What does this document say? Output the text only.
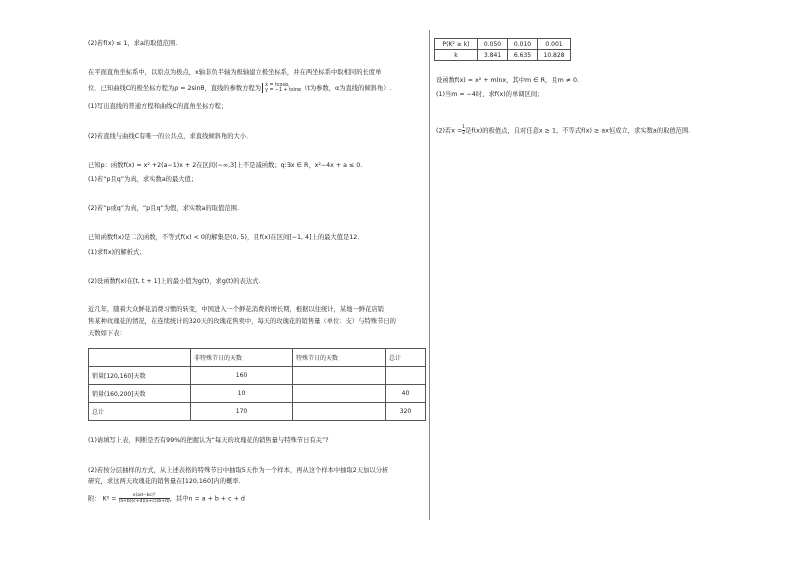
(2)若f(x) ≤ 1，求a的取值范围.
在平面直角坐标系中，以原点为极点，x轴非负半轴为极轴建立极坐标系，并在两坐标系中取相同的长度单
位．已知曲线C的极坐标方程为ρ = 2sinθ，直线的参数方程为 x = tcosα,
y = −1 + tsinα （t为参数，α为直线的倾斜角）.
(1)写出直线的普通方程和曲线C的直角坐标方程；
(2)若直线与曲线C有唯一的公共点，求直线倾斜角的大小．
已知p：函数f(x) = x² +2(a−1)x + 2在区间(−∞,3]上不是减函数；q:∃x ∈ R，x²−4x + a ≤ 0.
(1)若“p且q”为真，求实数a的最大值；
(2)若“p或q”为真，“p且q”为假，求实数a的取值范围.
已知函数f(x)是二次函数，不等式f(x) < 0的解集是(0, 5)，且f(x)在区间[−1, 4]上的最大值是12．
(1)求f(x)的解析式；
(2)设函数f(x)在[t, t + 1]上的最小值为g(t)，求g(t)的表达式.
近几年，随着大众鲜花消费习惯的转变，中国进入一个鲜花消费的增长期，根据以往统计，某地一鲜花店销
售某种玫瑰花的情况，在连续统计的320天的玫瑰花售卖中，每天的玫瑰花的销售量（单位：支）与特殊节日的
天数如下表：
	非特殊节日的天数	特殊节日的天数	总计
销量[120,160]天数	160		
销量(160,200]天数	10		40
总计	170		320
(1)请填写上表，判断是否有99%的把握认为“每天的玫瑰花的销售量与特殊节日有关”?
(2)若按分层抽样的方式，从上述表格的特殊节日中抽取5天作为一个样本，再从这个样本中抽取2天加以分析
研究，求这两天玫瑰花的销售量在[120,160]内的概率.
附： $K^2 = \frac{\text{n(ad−bc)²}}{(a+b)(c+d)(a+c)(b+d)}$ ，其中n = a + b + c + d
P(K² ≥ k)	0.050	0.010	0.001
k	3.841	6.635	10.828
设函数f(x) = x² + mlnx，其中m ∈ R，且m ≠ 0.
(1)当m = −4时，求f(x)的单调区间；
(2)若$x = \frac{1}{2}$ 是f(x)的极值点，且对任意x ≥ 1，不等式f(x) ≥ ax恒成立，求实数a的取值范围.
